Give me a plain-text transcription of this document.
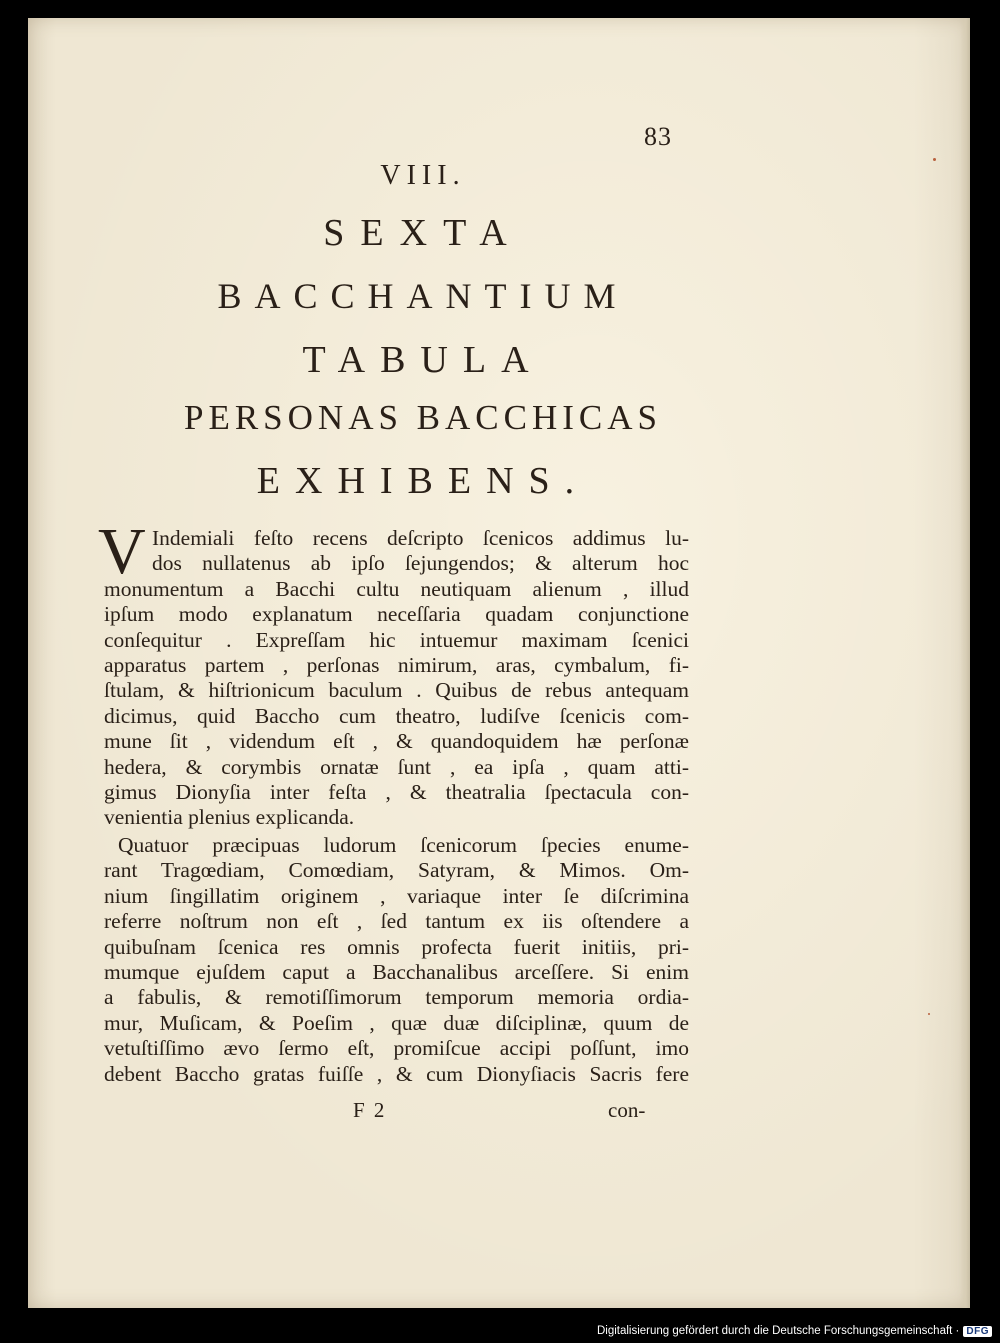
83
VIII.
SEXTA
BACCHANTIUM
TABULA
PERSONAS BACCHICAS
EXHIBENS.
V Indemiali feſto recens deſcripto ſcenicos addimus lu-
dos nullatenus ab ipſo ſejungendos; & alterum hoc
monumentum a Bacchi cultu neutiquam alienum , illud
ipſum modo explanatum neceſſaria quadam conjunctione
conſequitur . Expreſſam hic intuemur maximam ſcenici
apparatus partem , perſonas nimirum, aras, cymbalum, fi-
ſtulam, & hiſtrionicum baculum . Quibus de rebus antequam
dicimus, quid Baccho cum theatro, ludiſve ſcenicis com-
mune ſit , videndum eſt , & quandoquidem hæ perſonæ
hedera, & corymbis ornatæ ſunt , ea ipſa , quam atti-
gimus Dionyſia inter feſta , & theatralia ſpectacula con-
venientia plenius explicanda.
Quatuor præcipuas ludorum ſcenicorum ſpecies enume-
rant Tragœdiam, Comœdiam, Satyram, & Mimos. Om-
nium ſingillatim originem , variaque inter ſe diſcrimina
referre noſtrum non eſt , ſed tantum ex iis oſtendere a
quibuſnam ſcenica res omnis profecta fuerit initiis, pri-
mumque ejuſdem caput a Bacchanalibus arceſſere. Si enim
a fabulis, & remotiſſimorum temporum memoria ordia-
mur, Muſicam, & Poeſim , quæ duæ diſciplinæ, quum de
vetuſtiſſimo ævo ſermo eſt, promiſcue accipi poſſunt, imo
debent Baccho gratas fuiſſe , & cum Dionyſiacis Sacris fere
F 2	con-
Digitalisierung gefördert durch die Deutsche Forschungsgemeinschaft · DFG
